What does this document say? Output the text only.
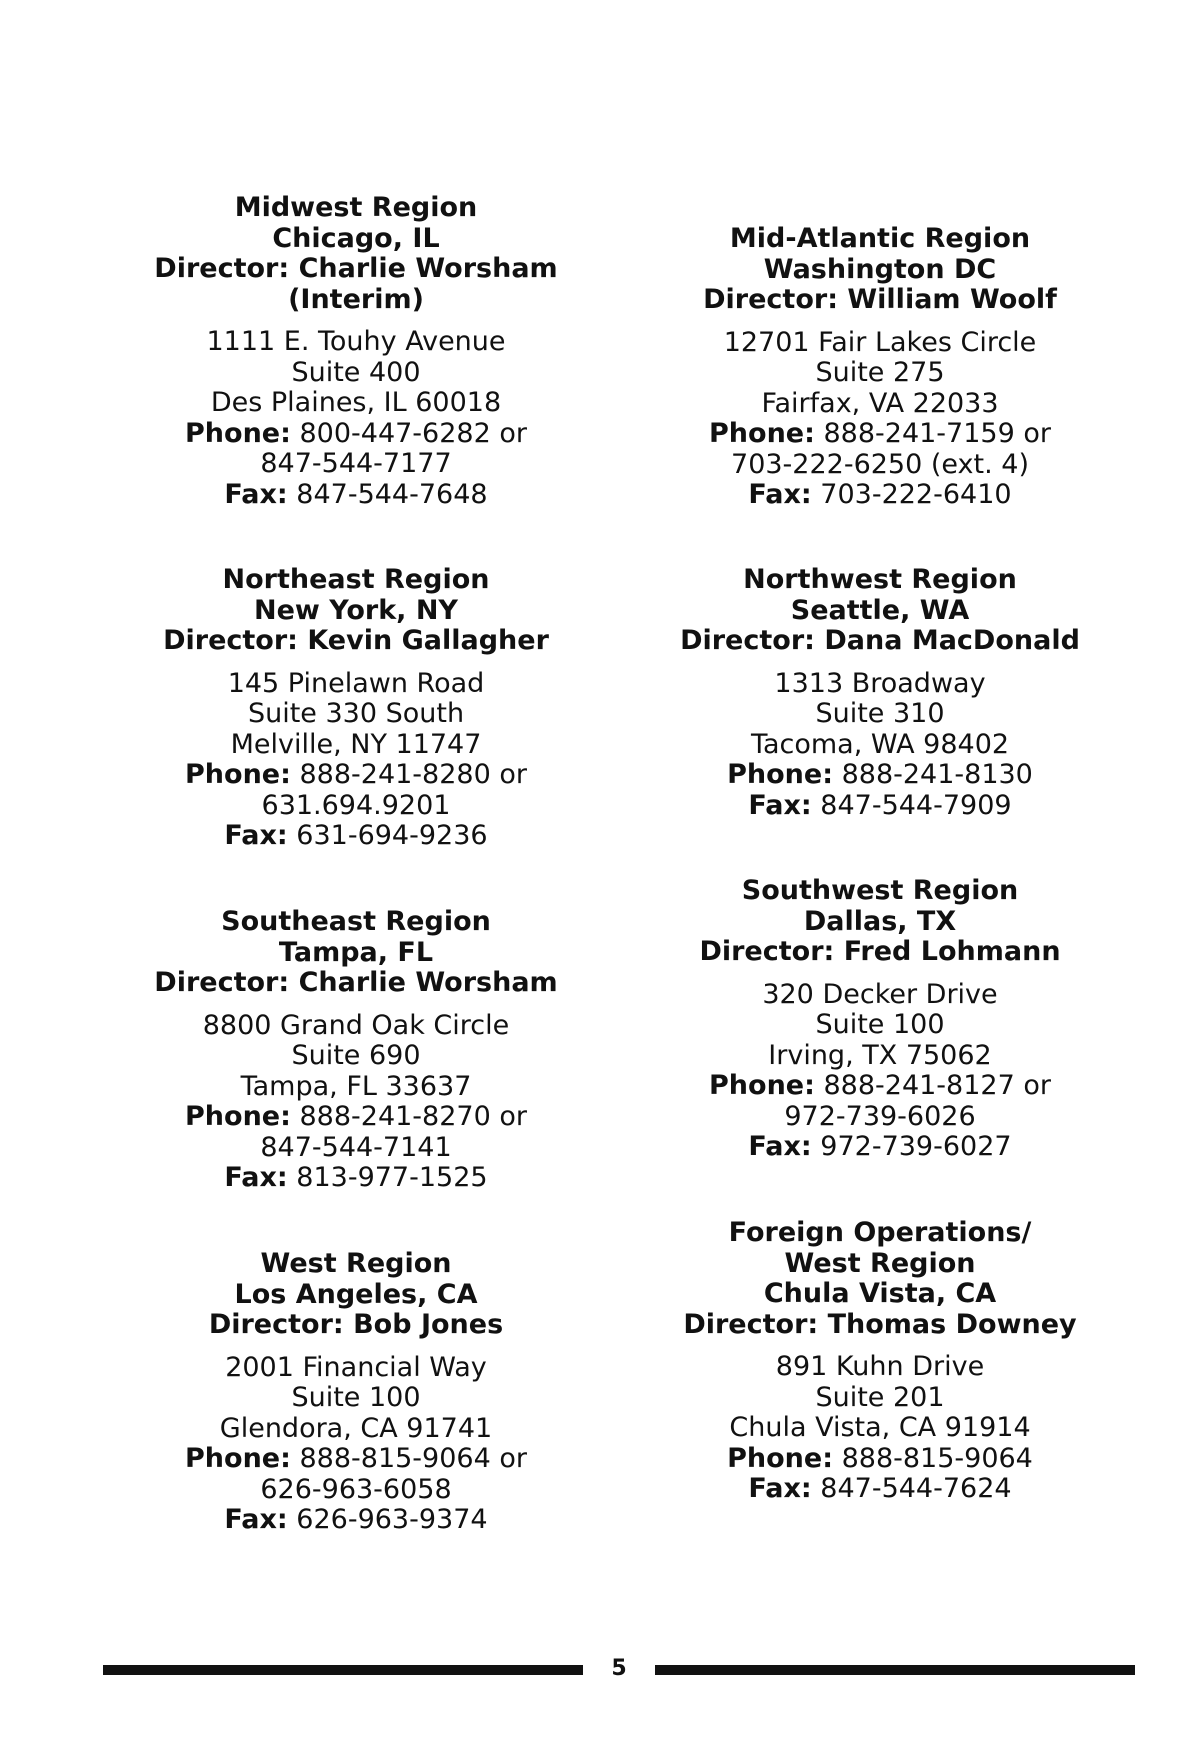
Midwest Region
Chicago, IL
Director: Charlie Worsham
(Interim)
1111 E. Touhy Avenue
Suite 400
Des Plaines, IL 60018
Phone: 800-447-6282 or
847-544-7177
Fax: 847-544-7648
Northeast Region
New York, NY
Director: Kevin Gallagher
145 Pinelawn Road
Suite 330 South
Melville, NY 11747
Phone: 888-241-8280 or
631.694.9201
Fax: 631-694-9236
Southeast Region
Tampa, FL
Director: Charlie Worsham
8800 Grand Oak Circle
Suite 690
Tampa, FL 33637
Phone: 888-241-8270 or
847-544-7141
Fax: 813-977-1525
West Region
Los Angeles, CA
Director: Bob Jones
2001 Financial Way
Suite 100
Glendora, CA 91741
Phone: 888-815-9064 or
626-963-6058
Fax: 626-963-9374
Mid-Atlantic Region
Washington DC
Director: William Woolf
12701 Fair Lakes Circle
Suite 275
Fairfax, VA 22033
Phone: 888-241-7159 or
703-222-6250 (ext. 4)
Fax: 703-222-6410
Northwest Region
Seattle, WA
Director: Dana MacDonald
1313 Broadway
Suite 310
Tacoma, WA 98402
Phone: 888-241-8130
Fax: 847-544-7909
Southwest Region
Dallas, TX
Director: Fred Lohmann
320 Decker Drive
Suite 100
Irving, TX 75062
Phone: 888-241-8127 or
972-739-6026
Fax: 972-739-6027
Foreign Operations/
West Region
Chula Vista, CA
Director: Thomas Downey
891 Kuhn Drive
Suite 201
Chula Vista, CA 91914
Phone: 888-815-9064
Fax: 847-544-7624
5
